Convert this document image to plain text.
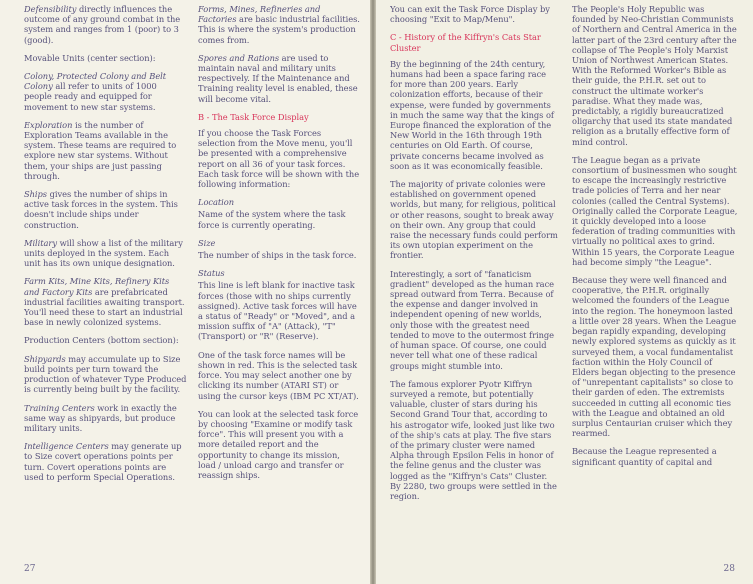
Defensibility directly influences the outcome of any ground combat in the system and ranges from 1 (poor) to 3 (good).

Movable Units (center section):

Colony, Protected Colony and Belt Colony all refer to units of 1000 people ready and equipped for movement to new star systems.

Exploration is the number of Exploration Teams available in the system. These teams are required to explore new star systems. Without them, your ships are just passing through.

Ships gives the number of ships in active task forces in the system. This doesn't include ships under construction.

Military will show a list of the military units deployed in the system. Each unit has its own unique designation.

Farm Kits, Mine Kits, Refinery Kits and Factory Kits are prefabricated industrial facilities awaiting transport. You'll need these to start an industrial base in newly colonized systems.

Production Centers (bottom section):

Shipyards may accumulate up to Size build points per turn toward the production of whatever Type Produced is currently being built by the facility.

Training Centers work in exactly the same way as shipyards, but produce military units.

Intelligence Centers may generate up to Size covert operations points per turn. Covert operations points are used to perform Special Operations.

Forms, Mines, Refineries and Factories are basic industrial facilities. This is where the system's production comes from.

Spores and Rations are used to maintain naval and military units respectively. If the Maintenance and Training reality level is enabled, these will become vital.

B - The Task Force Display

If you choose the Task Forces selection from the Move menu, you'll be presented with a comprehensive report on all 36 of your task forces. Each task force will be shown with the following information:

Location

Name of the system where the task force is currently operating.

Size

The number of ships in the task force.

Status

This line is left blank for inactive task forces (those with no ships currently assigned). Active task forces will have a status of "Ready" or "Moved", and a mission suffix of "A" (Attack), "T" (Transport) or "R" (Reserve).

One of the task force names will be shown in red. This is the selected task force. You may select another one by clicking its number (ATARI ST) or using the cursor keys (IBM PC XT/AT).

You can look at the selected task force by choosing "Examine or modify task force". This will present you with a more detailed report and the opportunity to change its mission, load / unload cargo and transfer or reassign ships.

27

You can exit the Task Force Display by choosing "Exit to Map/Menu".

C - History of the Kiffryn's Cats Star Cluster

By the beginning of the 24th century, humans had been a space faring race for more than 200 years. Early colonization efforts, because of their expense, were funded by governments in much the same way that the kings of Europe financed the exploration of the New World in the 16th through 19th centuries on Old Earth. Of course, private concerns became involved as soon as it was economically feasible.

The majority of private colonies were established on government opened worlds, but many, for religious, political or other reasons, sought to break away on their own. Any group that could raise the necessary funds could perform its own utopian experiment on the frontier.

Interestingly, a sort of "fanaticism gradient" developed as the human race spread outward from Terra. Because of the expense and danger involved in independent opening of new worlds, only those with the greatest need tended to move to the outermost fringe of human space. Of course, one could never tell what one of these radical groups might stumble into.

The famous explorer Pyotr Kiffryn surveyed a remote, but potentially valuable, cluster of stars during his Second Grand Tour that, according to his astrogator wife, looked just like two of the ship's cats at play. The five stars of the primary cluster were named Alpha through Epsilon Felis in honor of the feline genus and the cluster was logged as the "Kiffryn's Cats" Cluster. By 2280, two groups were settled in the region.

The People's Holy Republic was founded by Neo-Christian Communists of Northern and Central America in the latter part of the 23rd century after the collapse of The People's Holy Marxist Union of Northwest American States. With the Reformed Worker's Bible as their guide, the P.H.R. set out to construct the ultimate worker's paradise. What they made was, predictably, a rigidly bureaucratized oligarchy that used its state mandated religion as a brutally effective form of mind control.

The League began as a private consortium of businessmen who sought to escape the increasingly restrictive trade policies of Terra and her near colonies (called the Central Systems). Originally called the Corporate League, it quickly developed into a loose federation of trading communities with virtually no political axes to grind. Within 15 years, the Corporate League had become simply "the League".

Because they were well financed and cooperative, the P.H.R. originally welcomed the founders of the League into the region. The honeymoon lasted a little over 28 years. When the League began rapidly expanding, developing newly explored systems as quickly as it surveyed them, a vocal fundamentalist faction within the Holy Council of Elders began objecting to the presence of "unrepentant capitalists" so close to their garden of eden. The extremists succeeded in cutting all economic ties with the League and obtained an old surplus Centaurian cruiser which they rearmed.

Because the League represented a significant quantity of capital and

28
